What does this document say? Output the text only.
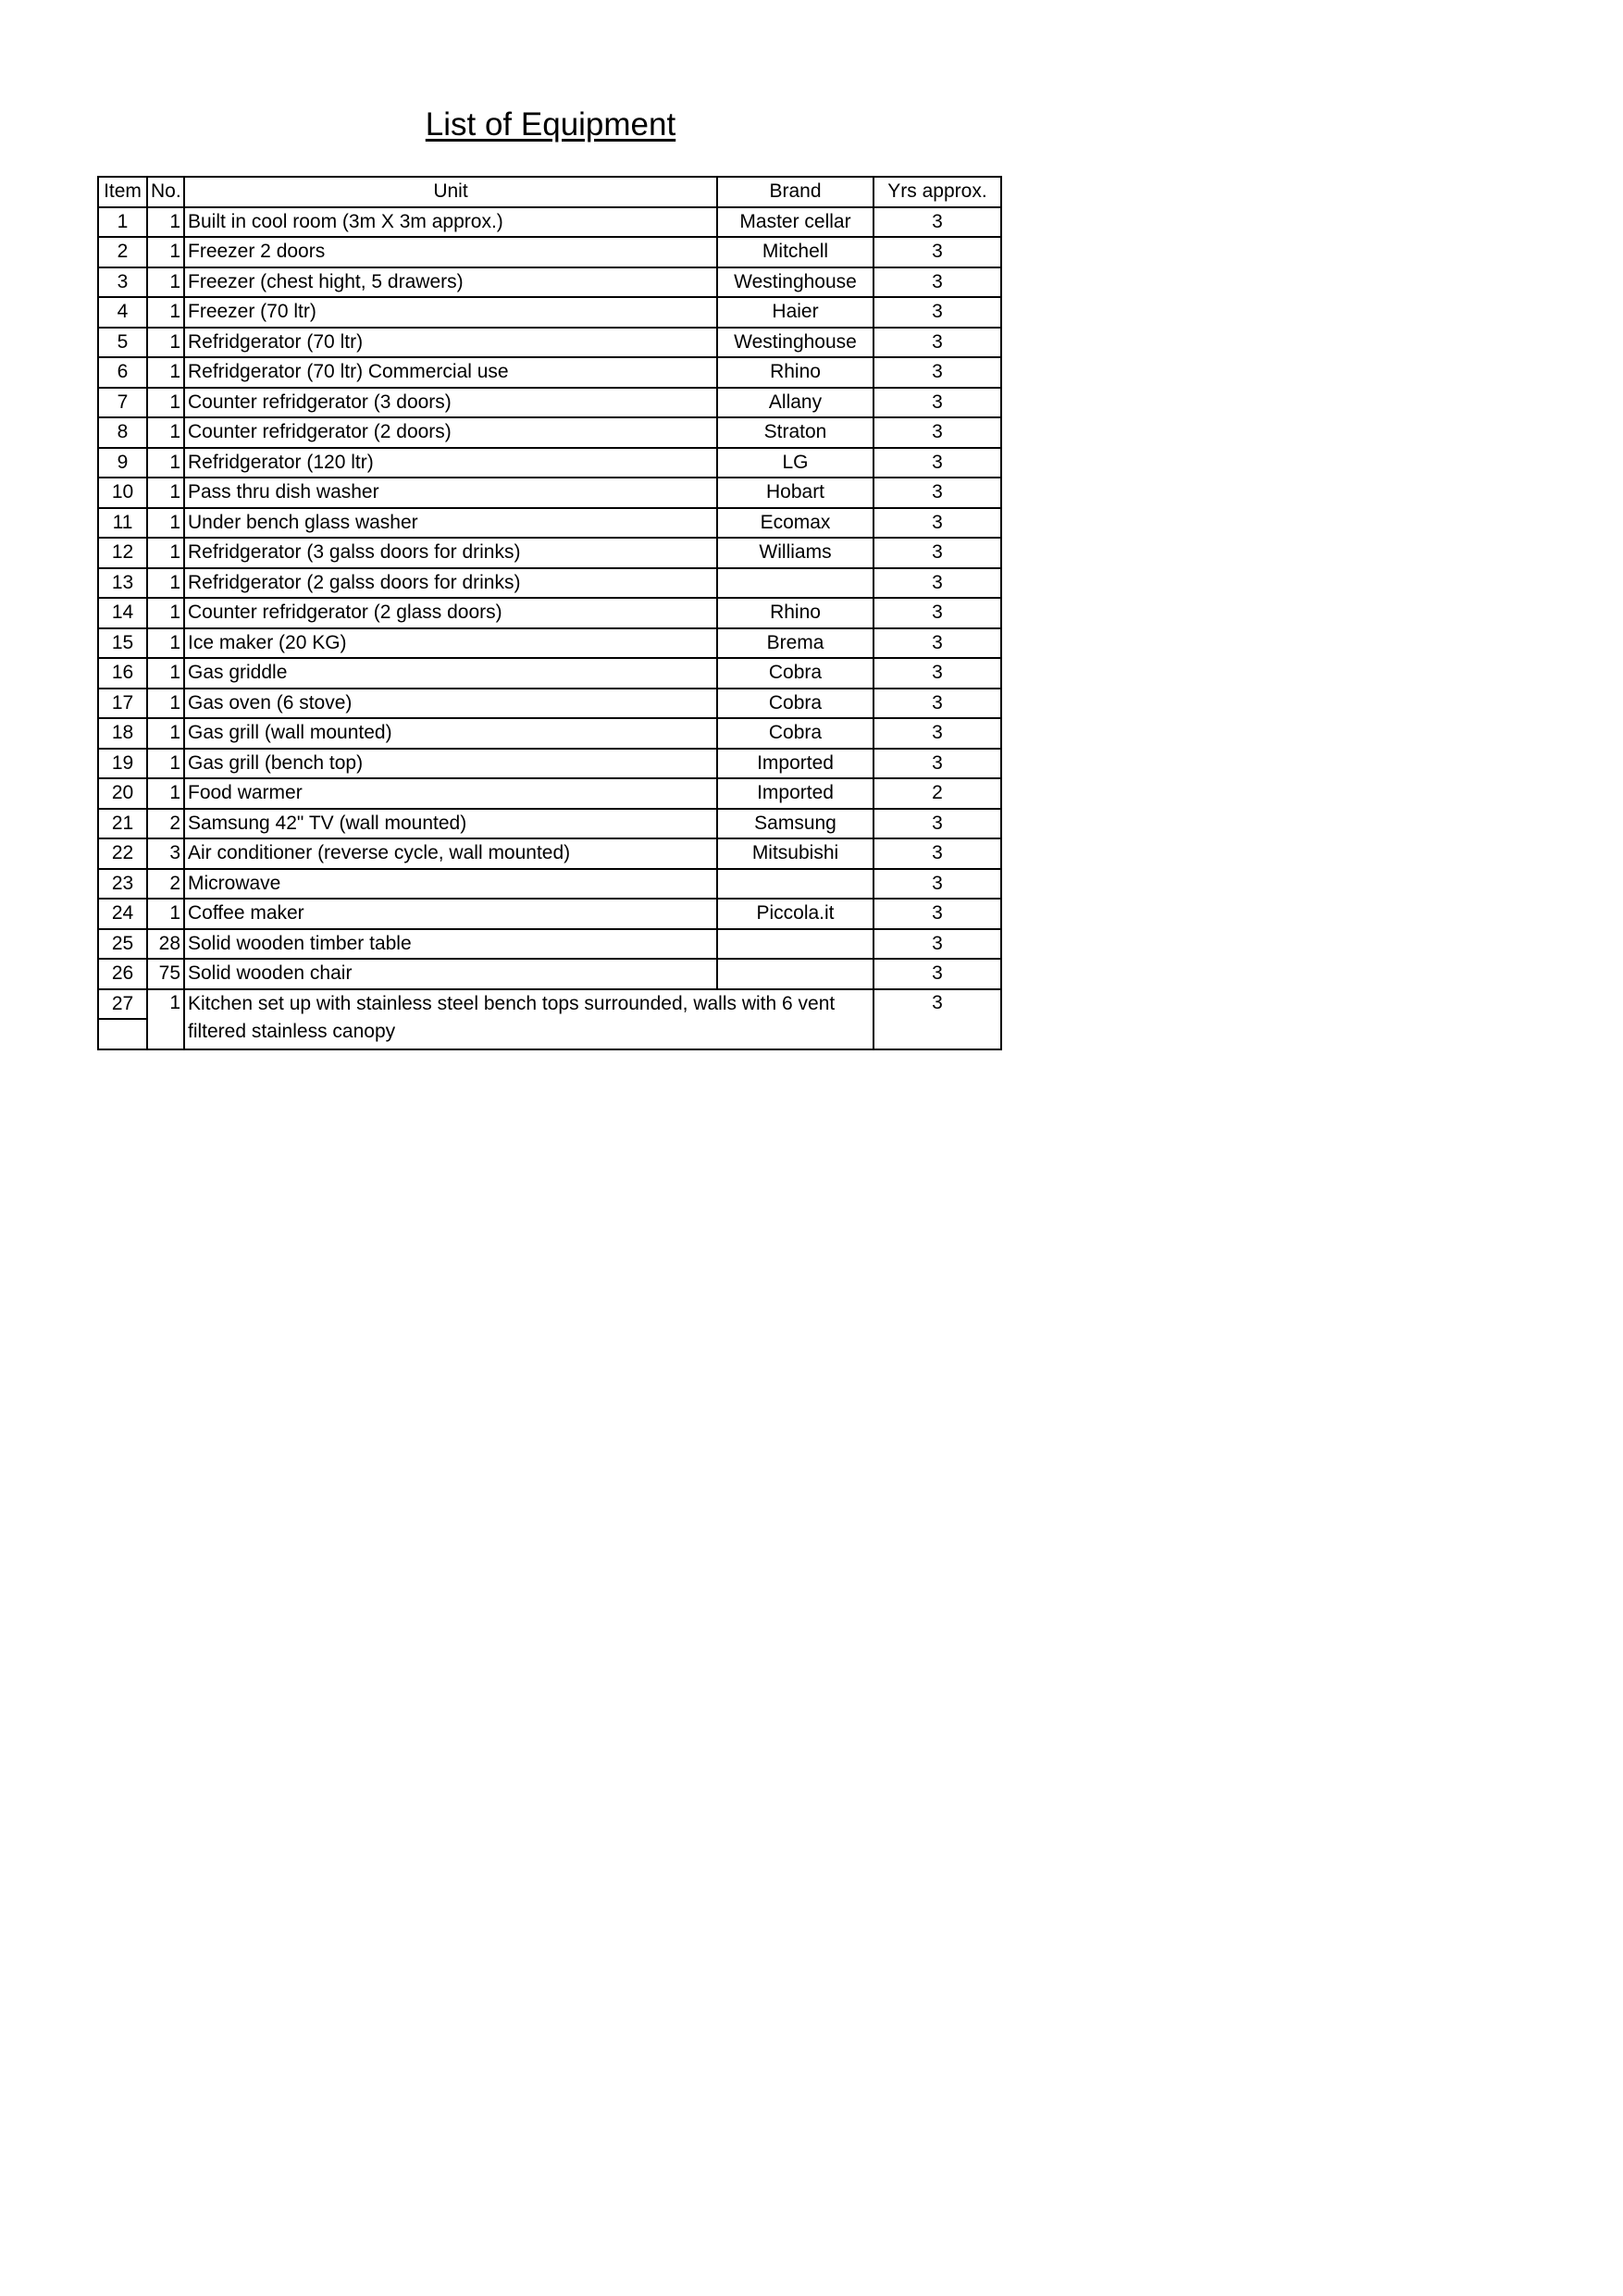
List of Equipment
Item	No.	Unit	Brand	Yrs approx.
1	1	Built in cool room (3m X 3m approx.)	Master cellar	3
2	1	Freezer 2 doors	Mitchell	3
3	1	Freezer (chest hight, 5 drawers)	Westinghouse	3
4	1	Freezer (70 ltr)	Haier	3
5	1	Refridgerator (70 ltr)	Westinghouse	3
6	1	Refridgerator (70 ltr) Commercial use	Rhino	3
7	1	Counter refridgerator (3 doors)	Allany	3
8	1	Counter refridgerator (2 doors)	Straton	3
9	1	Refridgerator (120 ltr)	LG	3
10	1	Pass thru dish washer	Hobart	3
11	1	Under bench glass washer	Ecomax	3
12	1	Refridgerator (3 galss doors for drinks)	Williams	3
13	1	Refridgerator (2 galss doors for drinks)		3
14	1	Counter refridgerator (2 glass doors)	Rhino	3
15	1	Ice maker (20 KG)	Brema	3
16	1	Gas griddle	Cobra	3
17	1	Gas oven (6 stove)	Cobra	3
18	1	Gas grill (wall mounted)	Cobra	3
19	1	Gas grill (bench top)	Imported	3
20	1	Food warmer	Imported	2
21	2	Samsung 42" TV (wall mounted)	Samsung	3
22	3	Air conditioner (reverse cycle, wall mounted)	Mitsubishi	3
23	2	Microwave		3
24	1	Coffee maker	Piccola.it	3
25	28	Solid wooden timber table		3
26	75	Solid wooden chair		3
27	1	Kitchen set up with stainless steel bench tops surrounded, walls with 6 vent filtered stainless canopy		3
